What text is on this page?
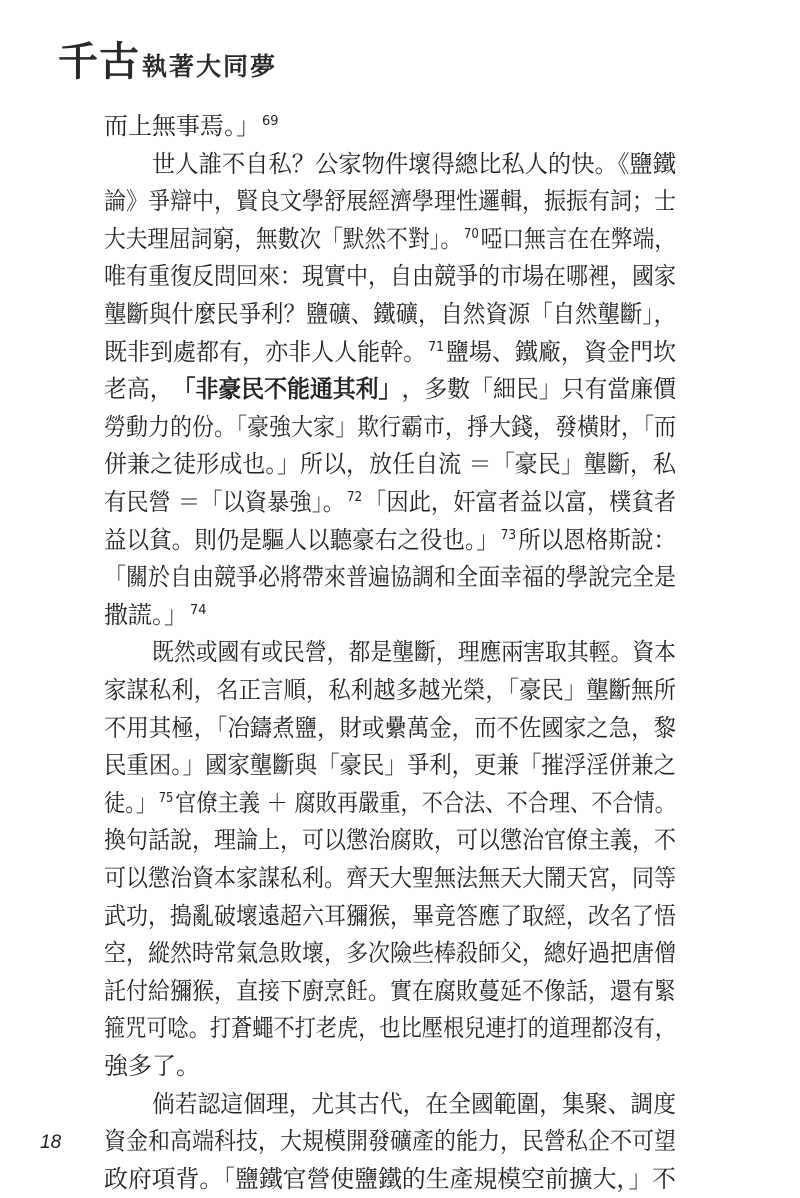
千古 執著大同夢
而上無事焉。」 $^{69}$
世人誰不自私？公家物件壞得總比私人的快。《鹽鐵
論》爭辯中，賢良文學舒展經濟學理性邏輯，振振有詞；士
大夫理屈詞窮，無數次「默然不對」。 $^{70}$啞口無言在在弊端，
唯有重復反問回來：現實中，自由競爭的市場在哪裡，國家
壟斷與什麼民爭利？鹽礦、鐵礦，自然資源「自然壟斷」，
既非到處都有，亦非人人能幹。 $^{71}$鹽場、鐵廠，資金門坎
老高，「非豪民不能通其利」，多數「細民」只有當廉價
勞動力的份。「豪強大家」欺行霸市，掙大錢，發橫財，「而
併兼之徒形成也。」所以，放任自流 ＝「豪民」壟斷，私
有民營 ＝「以資暴強」。 $^{72}$「因此，奸富者益以富，樸貧者
益以貧。則仍是驅人以聽豪右之役也。」 $^{73}$所以恩格斯說：
「關於自由競爭必將帶來普遍協調和全面幸福的學說完全是
撒謊。」 $^{74}$
既然或國有或民營，都是壟斷，理應兩害取其輕。資本
家謀私利，名正言順，私利越多越光榮，「豪民」壟斷無所
不用其極，「冶鑄煮鹽，財或纍萬金，而不佐國家之急，黎
民重困。」國家壟斷與「豪民」爭利，更兼「摧浮淫併兼之
徒。」 $^{75}$官僚主義 ＋ 腐敗再嚴重，不合法、不合理、不合情。
換句話說，理論上，可以懲治腐敗，可以懲治官僚主義，不
可以懲治資本家謀私利。齊天大聖無法無天大鬧天宮，同等
武功，搗亂破壞遠超六耳獼猴，畢竟答應了取經，改名了悟
空，縱然時常氣急敗壞，多次險些棒殺師父，總好過把唐僧
託付給獼猴，直接下廚烹飪。實在腐敗蔓延不像話，還有緊
箍咒可唸。打蒼蠅不打老虎，也比壓根兒連打的道理都沒有，
強多了。
倘若認這個理，尤其古代，在全國範圍，集聚、調度
資金和高端科技，大規模開發礦產的能力，民營私企不可望
政府項背。「鹽鐵官營使鹽鐵的生產規模空前擴大，」不
18
